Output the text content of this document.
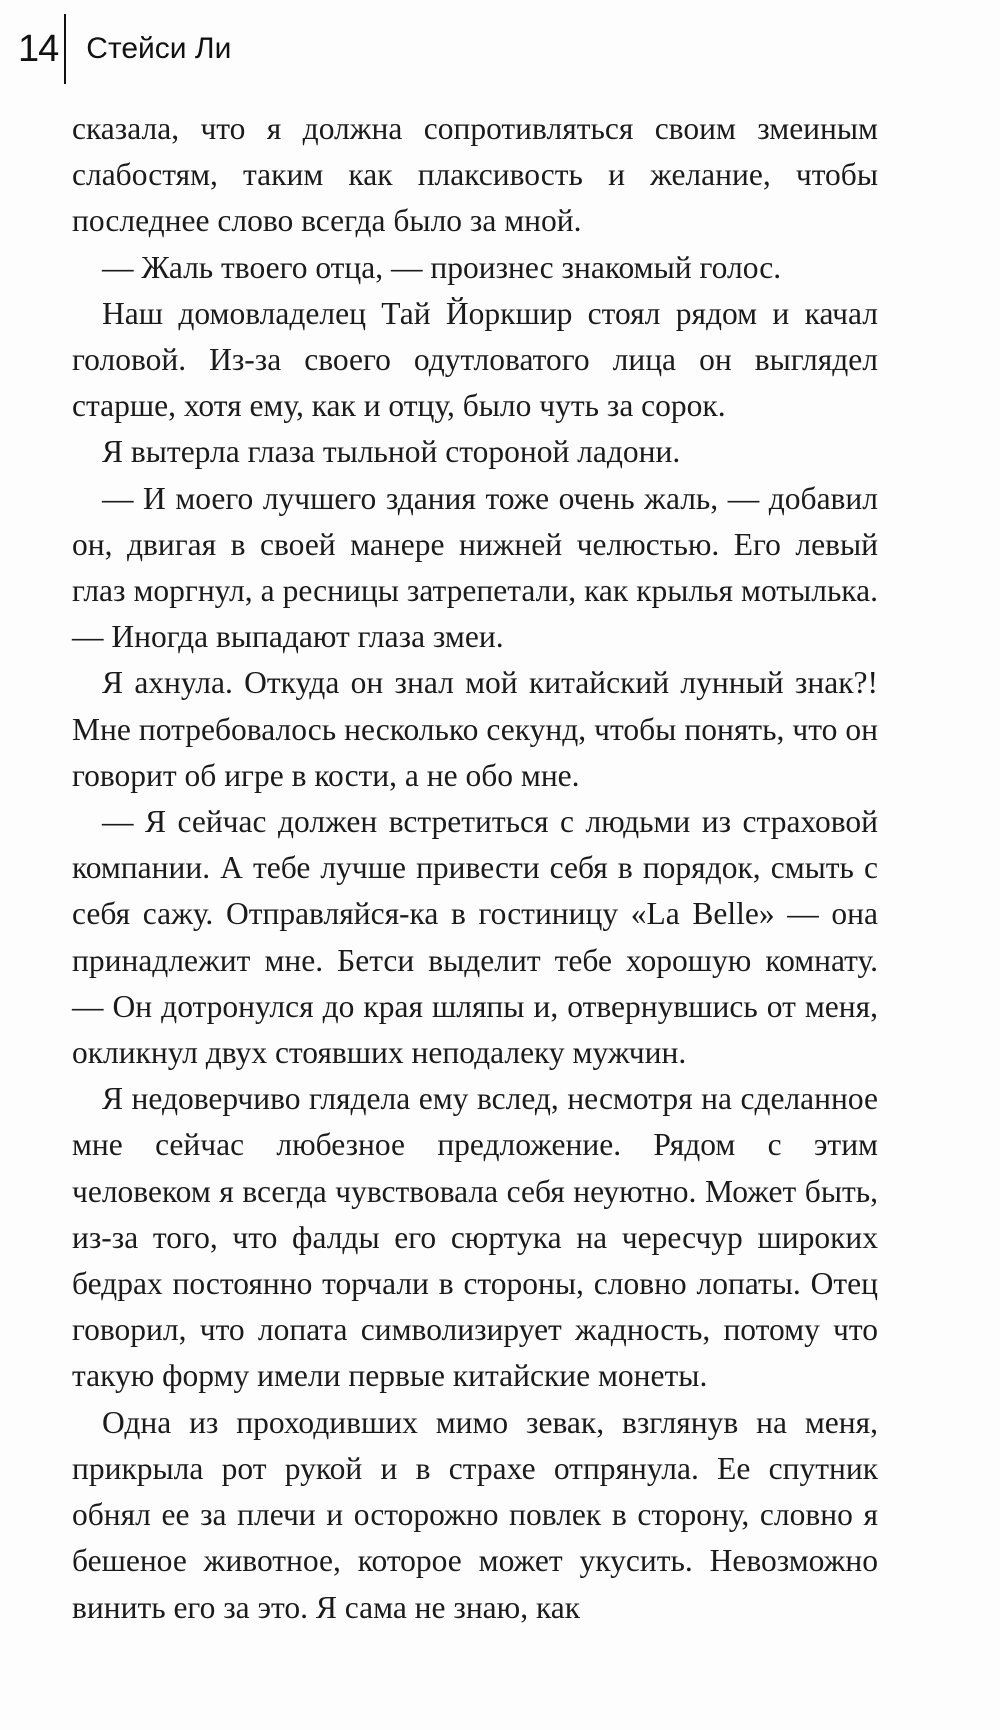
14 Стейси Ли

сказала, что я должна сопротивляться своим змеиным слабостям, таким как плаксивость и желание, чтобы последнее слово всегда было за мной.

— Жаль твоего отца, — произнес знакомый голос.

Наш домовладелец Тай Йоркшир стоял рядом и качал головой. Из-за своего одутловатого лица он выглядел старше, хотя ему, как и отцу, было чуть за сорок.

Я вытерла глаза тыльной стороной ладони.

— И моего лучшего здания тоже очень жаль, — добавил он, двигая в своей манере нижней челюстью. Его левый глаз моргнул, а ресницы затрепетали, как крылья мотылька. — Иногда выпадают глаза змеи.

Я ахнула. Откуда он знал мой китайский лунный знак?! Мне потребовалось несколько секунд, чтобы понять, что он говорит об игре в кости, а не обо мне.

— Я сейчас должен встретиться с людьми из страховой компании. А тебе лучше привести себя в порядок, смыть с себя сажу. Отправляйся-ка в гостиницу «La Belle» — она принадлежит мне. Бетси выделит тебе хорошую комнату. — Он дотронулся до края шляпы и, отвернувшись от меня, окликнул двух стоявших неподалеку мужчин.

Я недоверчиво глядела ему вслед, несмотря на сделанное мне сейчас любезное предложение. Рядом с этим человеком я всегда чувствовала себя неуютно. Может быть, из-за того, что фалды его сюртука на чересчур широких бедрах постоянно торчали в стороны, словно лопаты. Отец говорил, что лопата символизирует жадность, потому что такую форму имели первые китайские монеты.

Одна из проходивших мимо зевак, взглянув на меня, прикрыла рот рукой и в страхе отпрянула. Ее спутник обнял ее за плечи и осторожно повлек в сторону, словно я бешеное животное, которое может укусить. Невозможно винить его за это. Я сама не знаю, как
